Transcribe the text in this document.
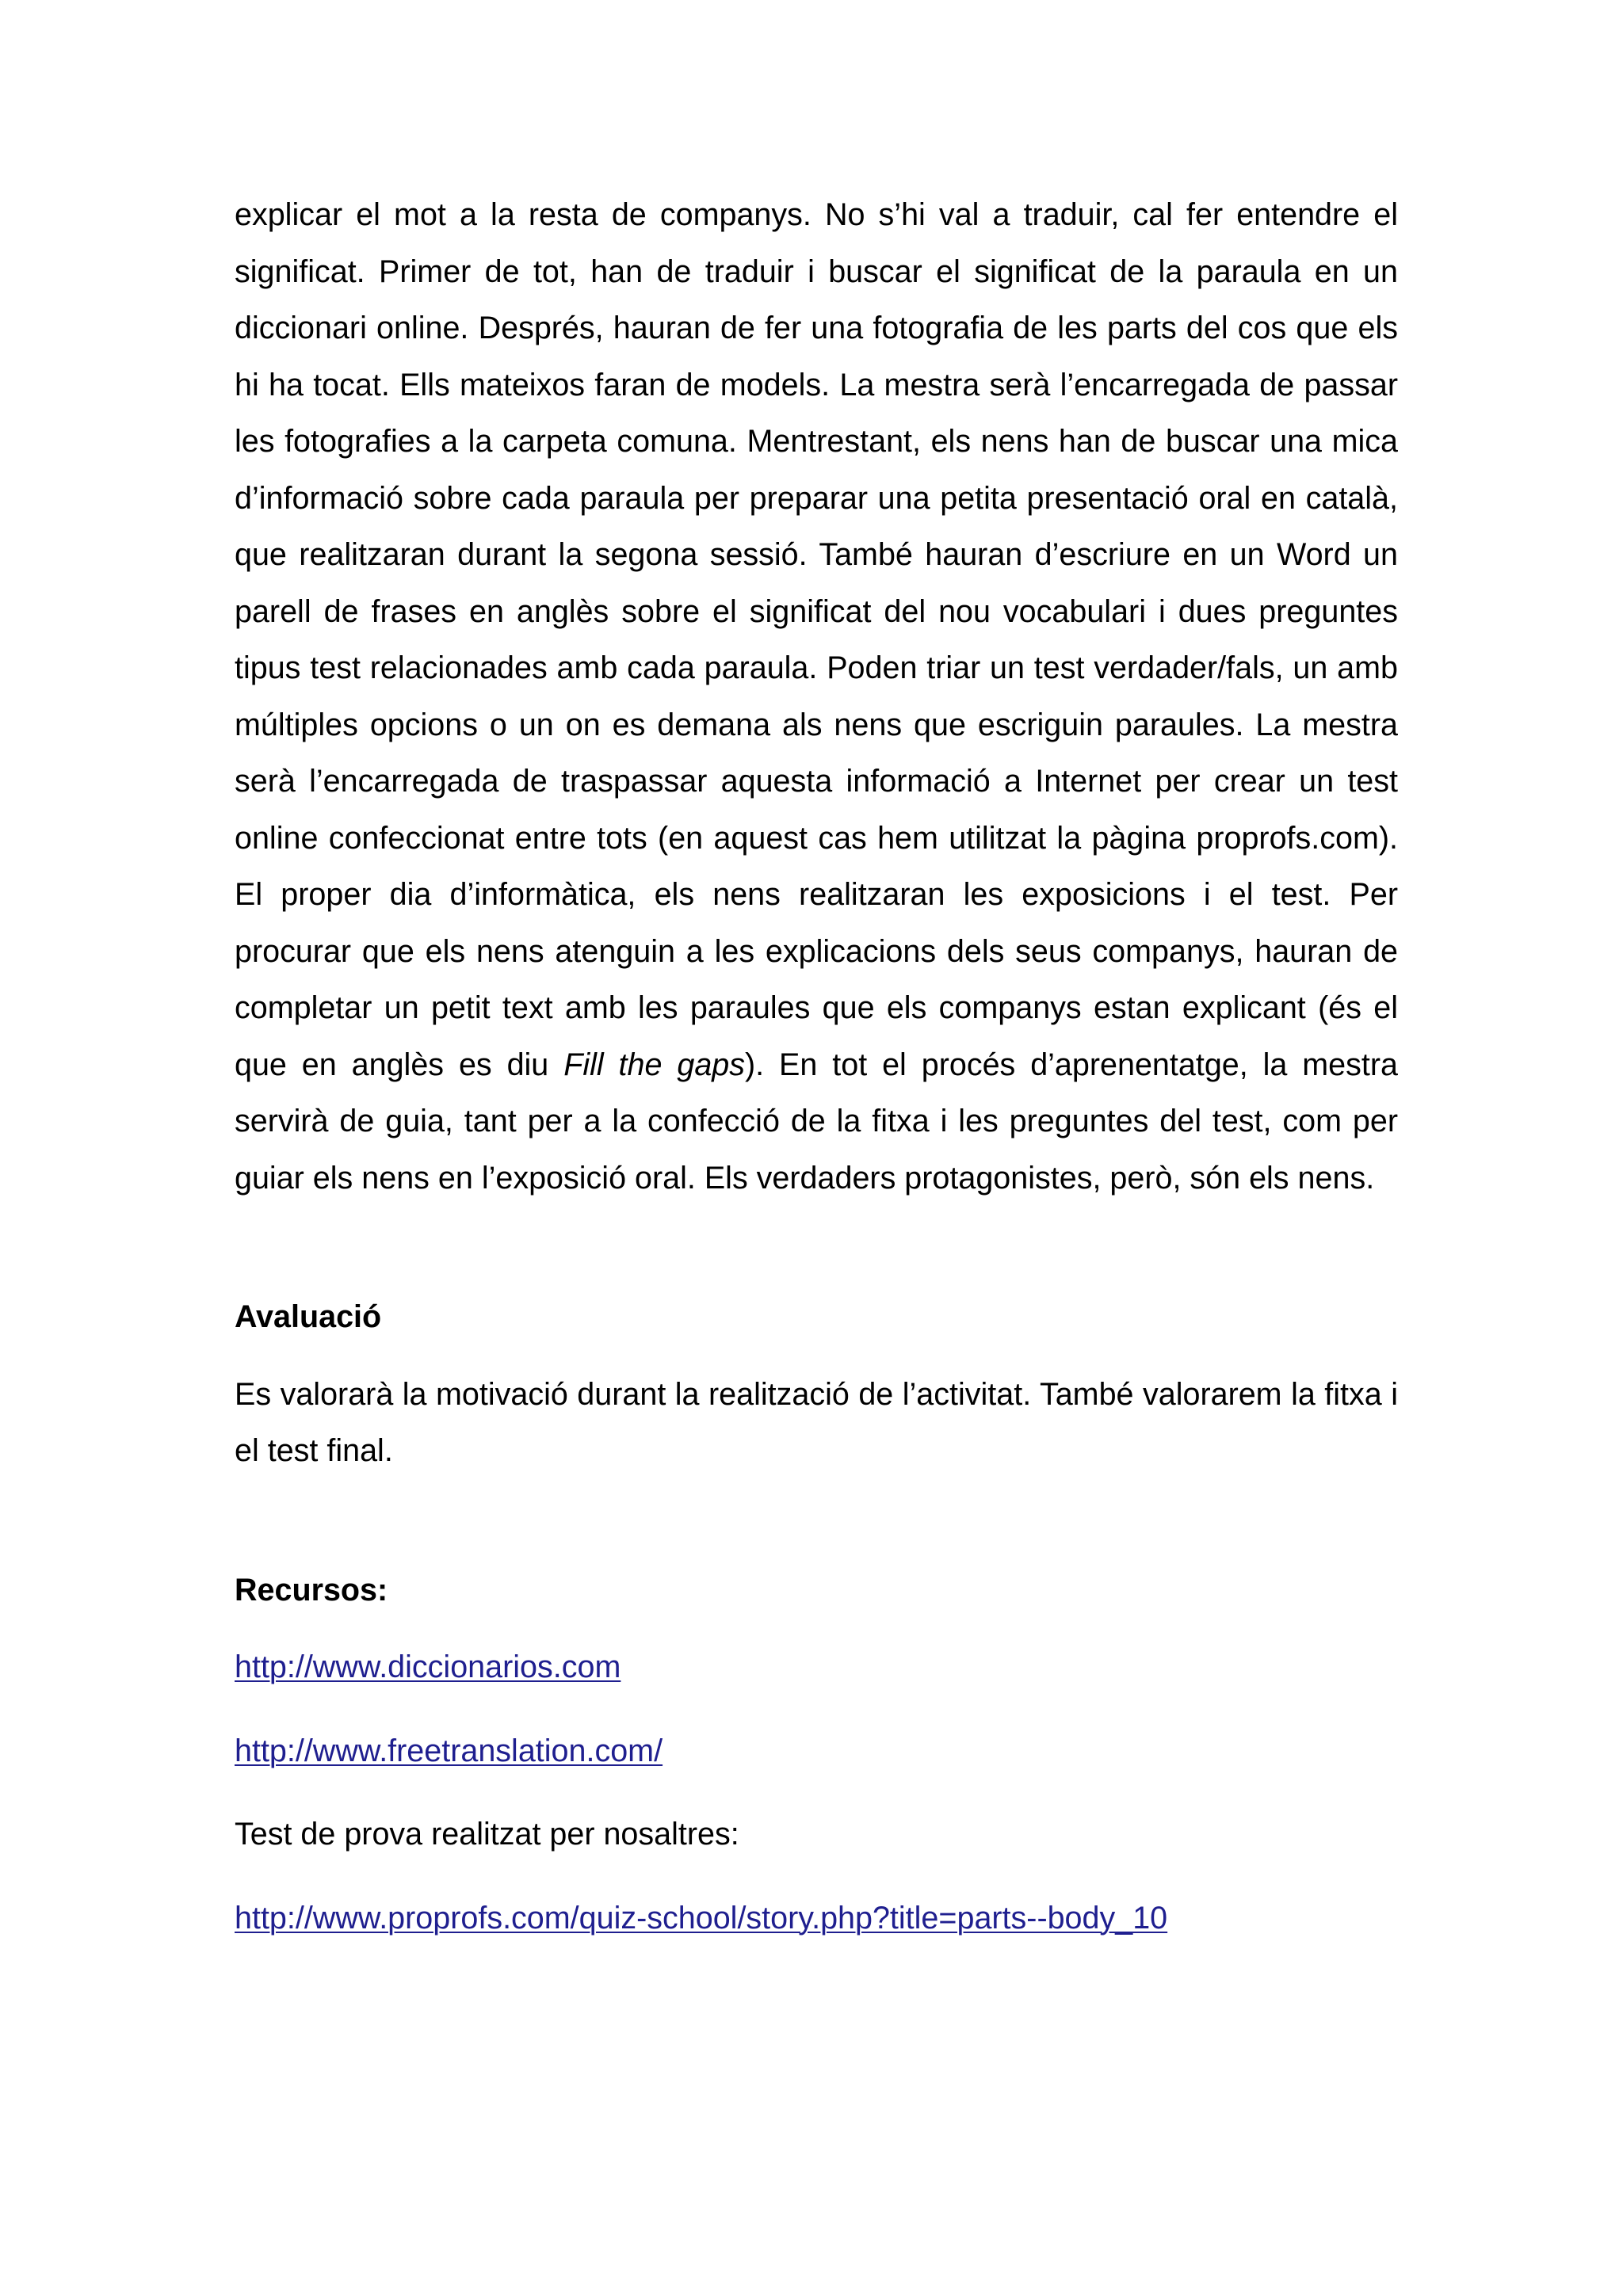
explicar el mot a la resta de companys. No s’hi val a traduir, cal fer entendre el significat. Primer de tot, han de traduir i buscar el significat de la paraula en un diccionari online. Després, hauran de fer una fotografia de les parts del cos que els hi ha tocat. Ells mateixos faran de models. La mestra serà l’encarregada de passar les fotografies a la carpeta comuna. Mentrestant, els nens han de buscar una mica d’informació sobre cada paraula per preparar una petita presentació oral en català, que realitzaran durant la segona sessió. També hauran d’escriure en un Word un parell de frases en anglès sobre el significat del nou vocabulari i dues preguntes tipus test relacionades amb cada paraula. Poden triar un test verdader/fals, un amb múltiples opcions o un on es demana als nens que escriguin paraules. La mestra serà l’encarregada de traspassar aquesta informació a Internet per crear un test online confeccionat entre tots (en aquest cas hem utilitzat la pàgina proprofs.com). El proper dia d’informàtica, els nens realitzaran les exposicions i el test. Per procurar que els nens atenguin a les explicacions dels seus companys, hauran de completar un petit text amb les paraules que els companys estan explicant (és el que en anglès es diu Fill the gaps). En tot el procés d’aprenentatge, la mestra servirà de guia, tant per a la confecció de la fitxa i les preguntes del test, com per guiar els nens en l’exposició oral. Els verdaders protagonistes, però, són els nens.

Avaluació

Es valorarà la motivació durant la realització de l’activitat. També valorarem la fitxa i el test final.

Recursos:
http://www.diccionarios.com
http://www.freetranslation.com/

Test de prova realitzat per nosaltres:

http://www.proprofs.com/quiz-school/story.php?title=parts--body_10
